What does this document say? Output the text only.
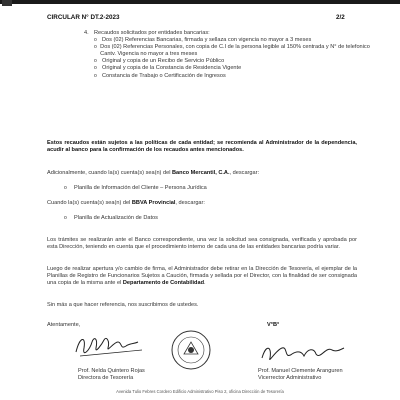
CIRCULAR N° DT.2-2023	2/2
4. Recaudos solicitados por entidades bancarias:
o Dos (02) Referencias Bancarias, firmada y sellaza con vigencia no mayor a 3 meses
o Dos (02) Referencias Personales, con copia de C.I de la persona legible al 150% centrada y N° de telefonico Cantv. Vigencia no mayor a tres meses
o Original y copia de un Recibo de Servicio Público
o Original y copia de la Constancia de Residencia Vigente
o Constancia de Trabajo o Certificación de Ingresos
Estos recaudos están sujetos a las políticas de cada entidad; se recomienda al Administrador de la dependencia, acudir al banco para la confirmación de los recaudos antes mencionados.
Adicionalmente, cuando la(s) cuenta(s) sea(n) del Banco Mercantil, C.A., descargar:
o	Planilla de Información del Cliente – Persona Jurídica
Cuando la(s) cuenta(s) sea(n) del BBVA Provincial, descargar:
o	Planilla de Actualización de Datos
Los trámites se realizarán ante el Banco correspondiente, una vez la solicitud sea consignada, verificada y aprobada por esta Dirección, teniendo en cuenta que el procedimiento interno de cada una de las entidades bancarias podría variar.
Luego de realizar apertura y/o cambio de firma, el Administrador debe retirar en la Dirección de Tesorería, el ejemplar de la Planillas de Registro de Funcionarios Sujetos a Caución, firmada y sellada por el Director, con la finalidad de ser consignada una copia de la misma ante el Departamento de Contabilidad.
Sin más a que hacer referencia, nos suscribimos de ustedes.
Atentamente,	V°B°
Prof. Nelda Quintero Rojas
Directora de Tesorería
Prof. Manuel Clemente Aranguren
Vicerrector Administrativo
Avenida Tulio Febres Cordero Edificio Administrativo Piso 2, oficina Dirección de Tesorería
